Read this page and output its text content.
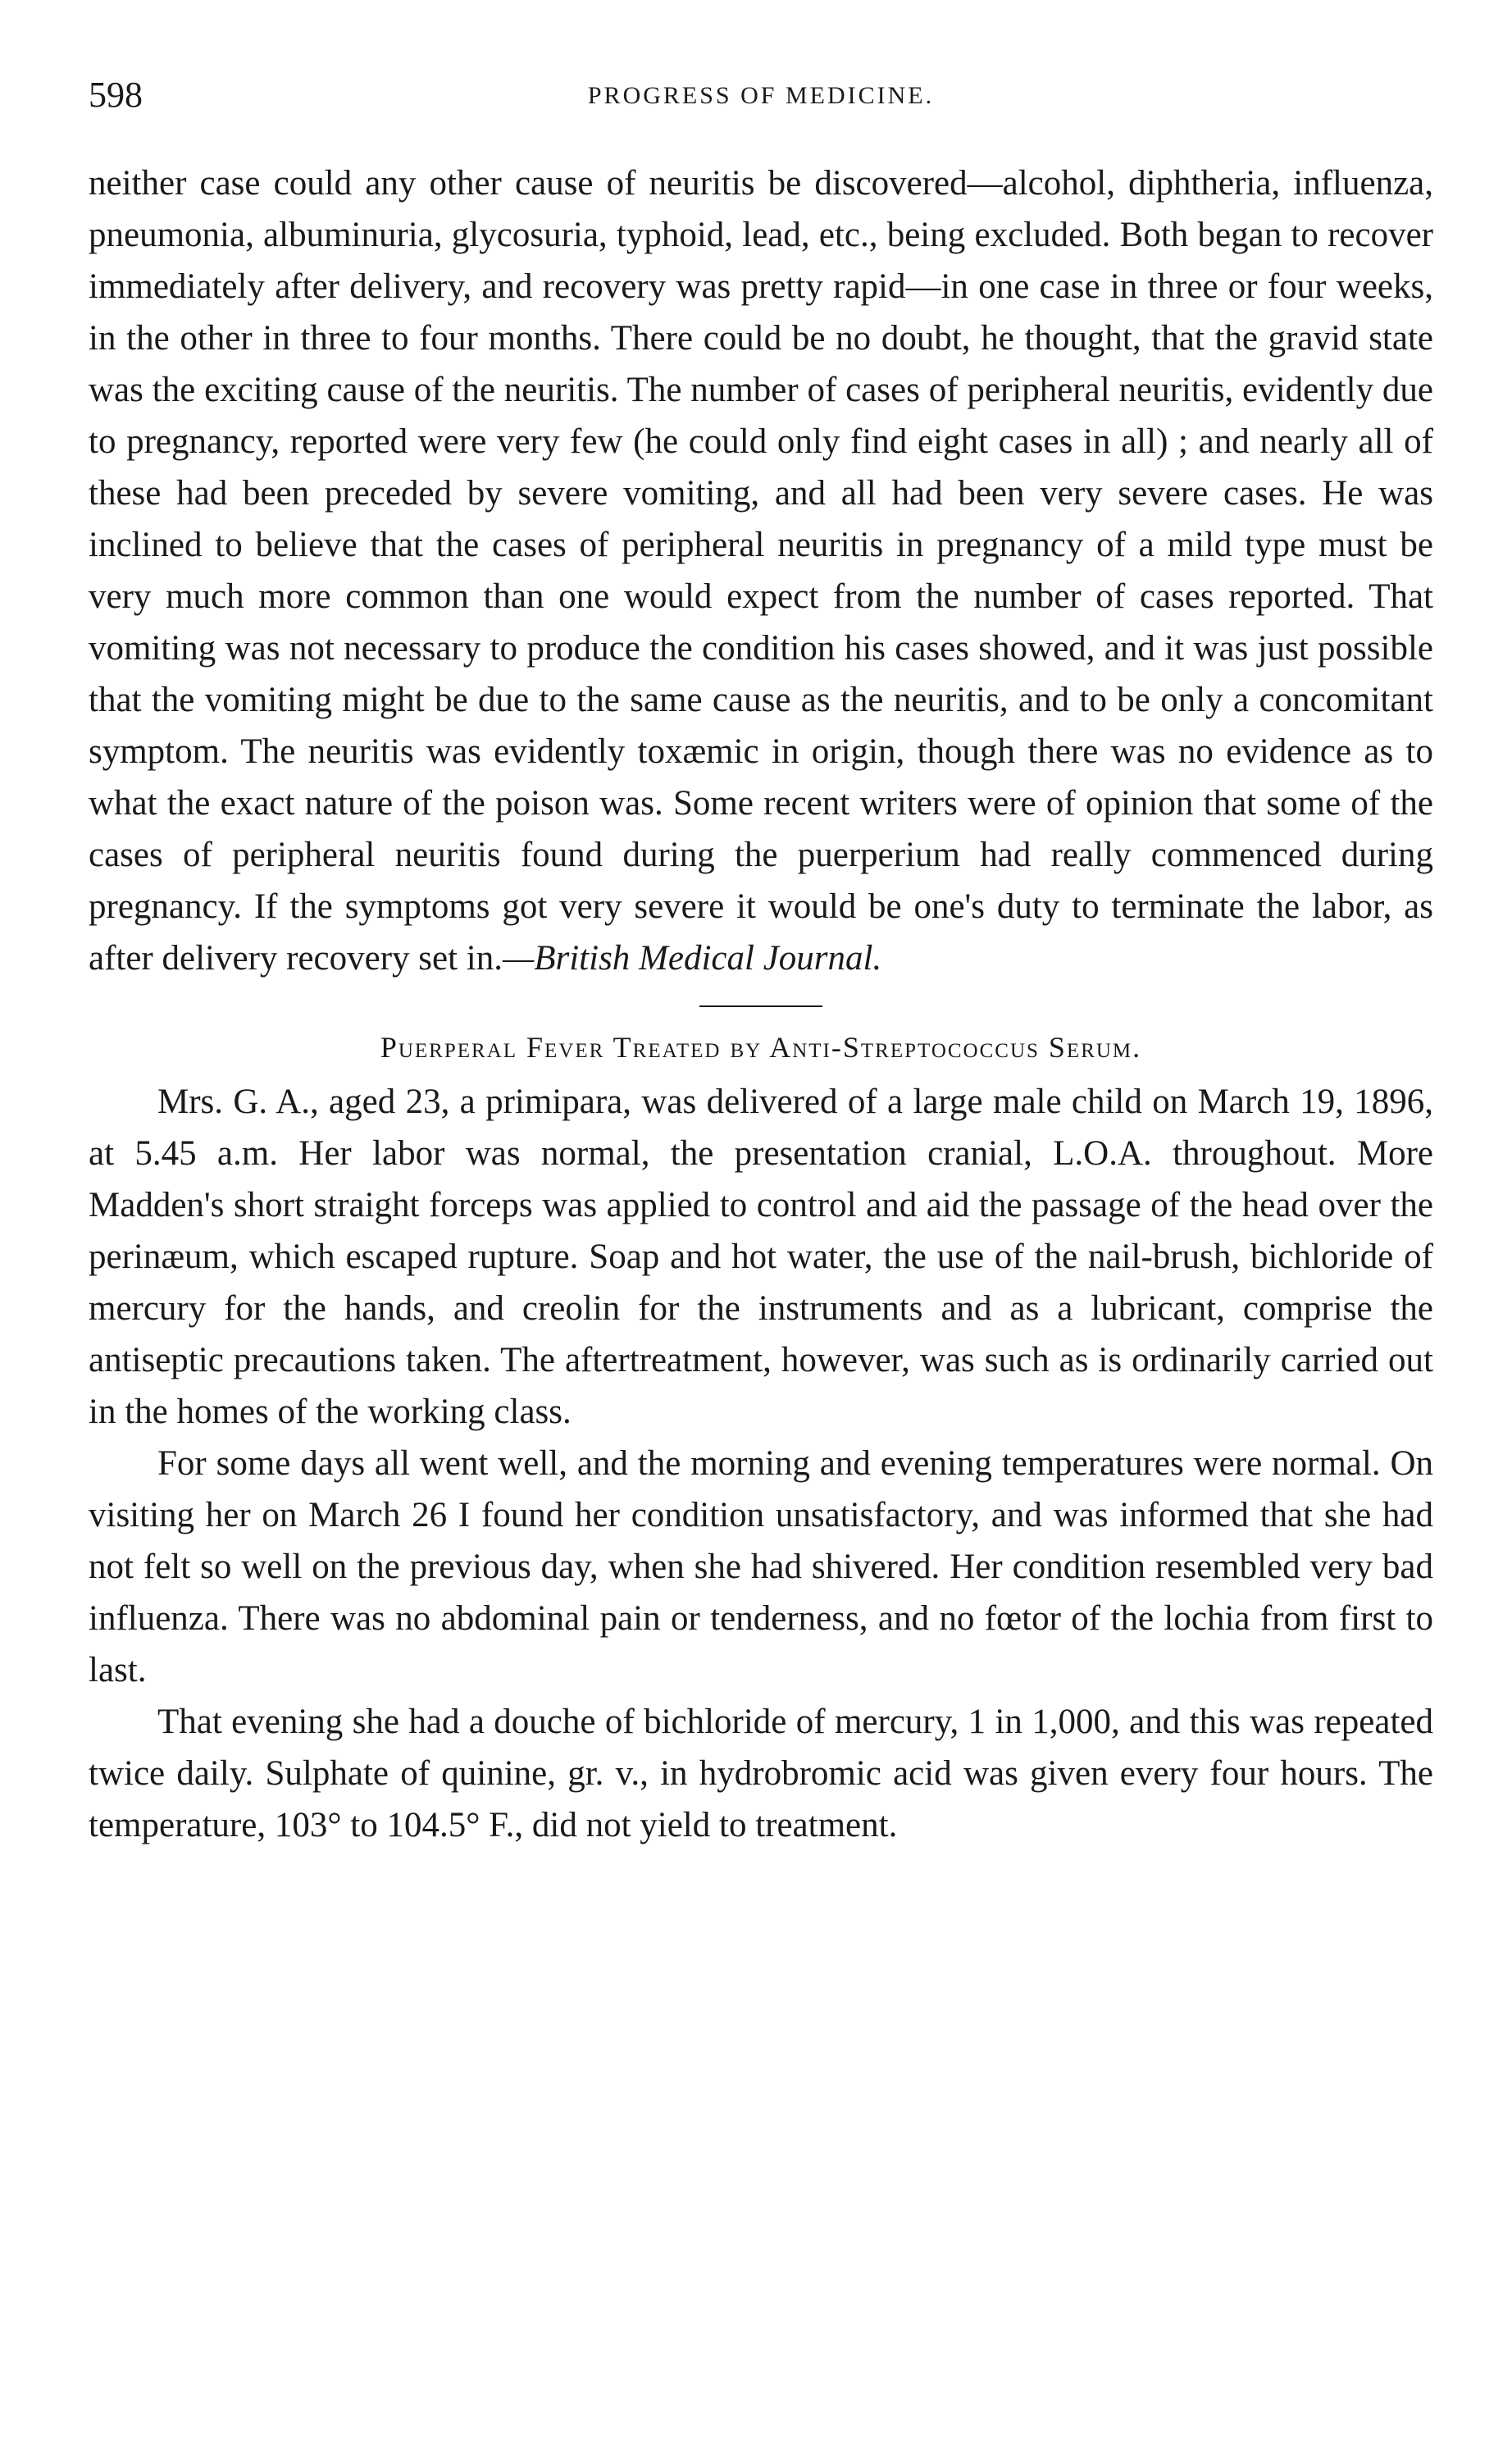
598	PROGRESS OF MEDICINE.

neither case could any other cause of neuritis be discovered—alcohol, diphtheria, influenza, pneumonia, albuminuria, glycosuria, typhoid, lead, etc., being excluded. Both began to recover immediately after delivery, and recovery was pretty rapid—in one case in three or four weeks, in the other in three to four months. There could be no doubt, he thought, that the gravid state was the exciting cause of the neuritis. The number of cases of peripheral neuritis, evidently due to pregnancy, reported were very few (he could only find eight cases in all) ; and nearly all of these had been preceded by severe vomiting, and all had been very severe cases. He was inclined to believe that the cases of peripheral neuritis in pregnancy of a mild type must be very much more common than one would expect from the number of cases reported. That vomiting was not necessary to produce the condition his cases showed, and it was just possible that the vomiting might be due to the same cause as the neuritis, and to be only a concomitant symptom. The neuritis was evidently toxæmic in origin, though there was no evidence as to what the exact nature of the poison was. Some recent writers were of opinion that some of the cases of peripheral neuritis found during the puerperium had really commenced during pregnancy. If the symptoms got very severe it would be one's duty to terminate the labor, as after delivery recovery set in.—British Medical Journal.

Puerperal Fever Treated by Anti-Streptococcus Serum.

Mrs. G. A., aged 23, a primipara, was delivered of a large male child on March 19, 1896, at 5.45 a.m. Her labor was normal, the presentation cranial, L.O.A. throughout. More Madden's short straight forceps was applied to control and aid the passage of the head over the perinæum, which escaped rupture. Soap and hot water, the use of the nail-brush, bichloride of mercury for the hands, and creolin for the instruments and as a lubricant, comprise the antiseptic precautions taken. The aftertreatment, however, was such as is ordinarily carried out in the homes of the working class.

For some days all went well, and the morning and evening temperatures were normal. On visiting her on March 26 I found her condition unsatisfactory, and was informed that she had not felt so well on the previous day, when she had shivered. Her condition resembled very bad influenza. There was no abdominal pain or tenderness, and no fœtor of the lochia from first to last.

That evening she had a douche of bichloride of mercury, 1 in 1,000, and this was repeated twice daily. Sulphate of quinine, gr. v., in hydrobromic acid was given every four hours. The temperature, 103° to 104.5° F., did not yield to treatment.
